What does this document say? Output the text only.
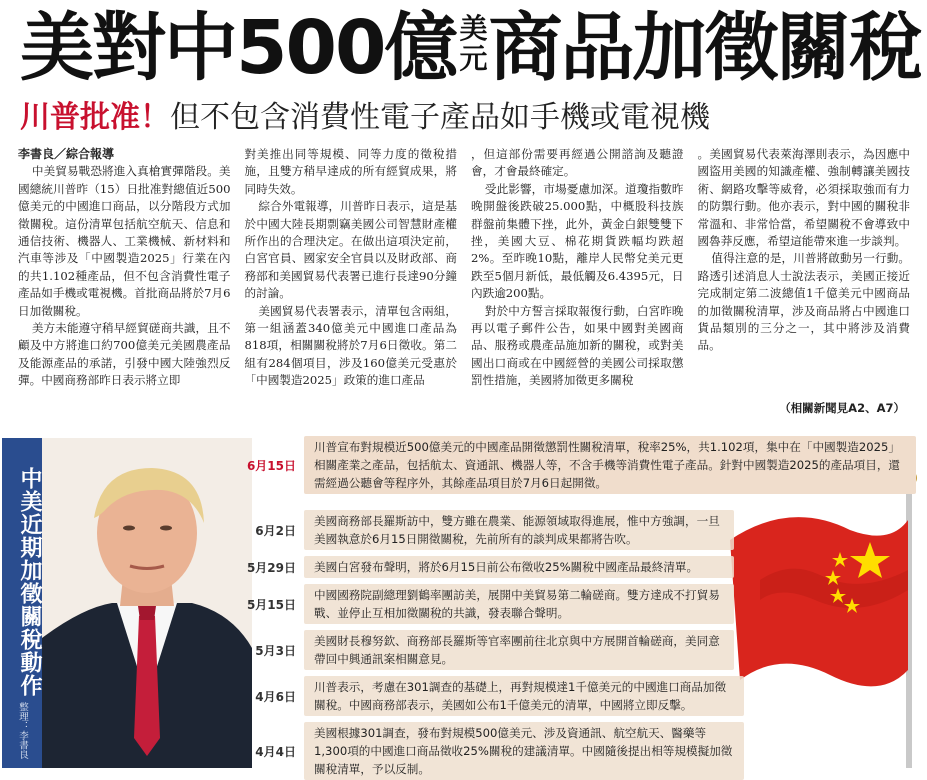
美對中500億 美元商品加徵關稅
川普批准！但不包含消費性電子產品如手機或電視機
李書良／綜合報導

中美貿易戰恐將進入真槍實彈階段。美國總統川普昨（15）日批准對總值近500億美元的中國進口商品，以分階段方式加徵關稅。這份清單包括航空航天、信息和通信技術、機器人、工業機械、新材料和汽車等涉及「中國製造2025」行業在內的共1.102種產品，但不包含消費性電子產品如手機或電視機。首批商品將於7月6日加徵關稅。

美方未能遵守稍早經貿磋商共識，且不顧及中方將進口約700億美元美國農產品及能源產品的承諾，引發中國大陸強烈反彈。中國商務部昨日表示將立即

對美推出同等規模、同等力度的徵稅措施，且雙方稍早達成的所有經貿成果，將同時失效。

綜合外電報導，川普昨日表示，這是基於中國大陸長期剽竊美國公司智慧財產權所作出的合理決定。在做出這項決定前，白宮官員、國家安全官員以及財政部、商務部和美國貿易代表署已進行長達90分鐘的討論。

美國貿易代表署表示，清單包含兩組，第一組涵蓋340億美元中國進口產品為818項，相關關稅將於7月6日徵收。第二組有284個項目，涉及160億美元受惠於「中國製造2025」政策的進口產品

，但這部份需要再經過公開諮詢及聽證會，才會最終確定。

受此影響，市場憂慮加深。道瓊指數昨晚開盤後跌破25.000點，中概股科技族群盤前集體下挫，此外，黃金白銀雙雙下挫，美國大豆、棉花期貨跌幅均跌超2%。至昨晚10點，離岸人民幣兌美元更跌至5個月新低，最低觸及6.4395元，日內跌逾200點。

對於中方誓言採取報復行動，白宮昨晚再以電子郵件公告，如果中國對美國商品、服務或農產品施加新的關稅，或對美國出口商或在中國經營的美國公司採取懲罰性措施，美國將加徵更多關稅

。美國貿易代表萊海澤則表示，為因應中國盜用美國的知識產權、強制轉讓美國技術、網路攻擊等威脅，必須採取強而有力的防禦行動。他亦表示，對中國的關稅非常溫和、非常恰當，希望關稅不會導致中國魯莽反應，希望這能帶來進一步談判。

值得注意的是，川普將啟動另一行動。路透引述消息人士說法表示，美國正接近完成制定第二波總值1千億美元中國商品的加徵關稅清單，涉及商品將占中國進口貨品類別的三分之一，其中將涉及消費品。

（相關新聞見A2、A7）
中美近期加徵關稅動作
整理：李書良
6月15日
川普宣布對規模近500億美元的中國產品開徵懲罰性關稅清單，稅率25%，共1.102項，集中在「中國製造2025」相關產業之產品，包括航太、資通訊、機器人等，不含手機等消費性電子產品。針對中國製造2025的產品項目，還需經過公聽會等程序外，其餘產品項目於7月6日起開徵。
6月2日
美國商務部長羅斯訪中，雙方雖在農業、能源領域取得進展，惟中方強調，一旦美國執意於6月15日開徵關稅，先前所有的談判成果都將告吹。
5月29日	美國白宮發布聲明，將於6月15日前公布徵收25%關稅中國產品最終清單。
5月15日
中國國務院副總理劉鶴率團訪美，展開中美貿易第二輪磋商。雙方達成不打貿易戰、並停止互相加徵關稅的共識，發表聯合聲明。
5月3日
美國財長穆努欽、商務部長羅斯等官率團前往北京與中方展開首輪磋商，美同意帶回中興通訊案相關意見。
4月6日
川普表示，考慮在301調查的基礎上，再對規模達1千億美元的中國進口商品加徵關稅。中國商務部表示，美國如公布1千億美元的清單，中國將立即反擊。
4月4日
美國根據301調查，發布對規模500億美元、涉及資通訊、航空航天、醫藥等1,300項的中國進口商品徵收25%關稅的建議清單。中國隨後提出相等規模擬加徵關稅清單，予以反制。
